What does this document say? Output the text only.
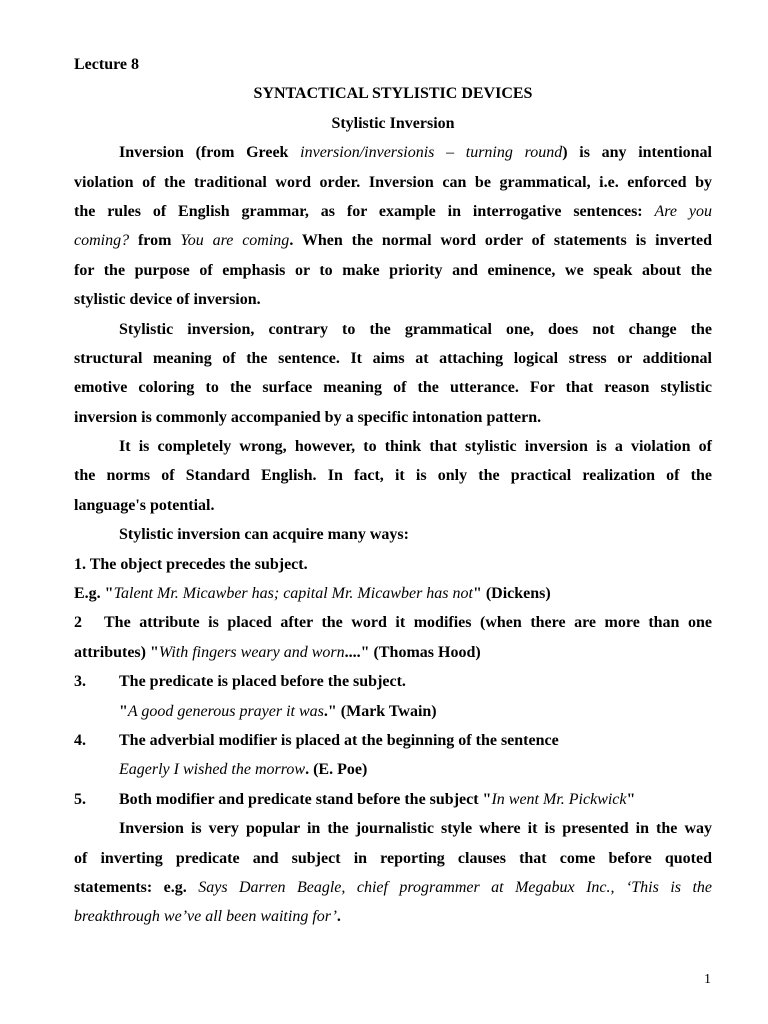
Lecture 8
SYNTACTICAL STYLISTIC DEVICES
Stylistic Inversion
Inversion (from Greek inversion/inversionis – turning round) is any intentional
violation of the traditional word order. Inversion can be grammatical, i.e. enforced by
the rules of English grammar, as for example in interrogative sentences: Are you
coming? from You are coming. When the normal word order of statements is inverted
for the purpose of emphasis or to make priority and eminence, we speak about the
stylistic device of inversion.
Stylistic inversion, contrary to the grammatical one, does not change the
structural meaning of the sentence. It aims at attaching logical stress or additional
emotive coloring to the surface meaning of the utterance. For that reason stylistic
inversion is commonly accompanied by a specific intonation pattern.
It is completely wrong, however, to think that stylistic inversion is a violation of
the norms of Standard English. In fact, it is only the practical realization of the
language's potential.
Stylistic inversion can acquire many ways:
1. The object precedes the subject.
E.g. "Talent Mr. Micawber has; capital Mr. Micawber has not" (Dickens)
2 The attribute is placed after the word it modifies (when there are more than one
attributes) "With fingers weary and worn...." (Thomas Hood)
3. The predicate is placed before the subject.
"A good generous prayer it was." (Mark Twain)
4. The adverbial modifier is placed at the beginning of the sentence
Eagerly I wished the morrow. (E. Poe)
5. Both modifier and predicate stand before the subject "In went Mr. Pickwick"
Inversion is very popular in the journalistic style where it is presented in the way
of inverting predicate and subject in reporting clauses that come before quoted
statements: e.g. Says Darren Beagle, chief programmer at Megabux Inc., ‘This is the
breakthrough we’ve all been waiting for’.
1
